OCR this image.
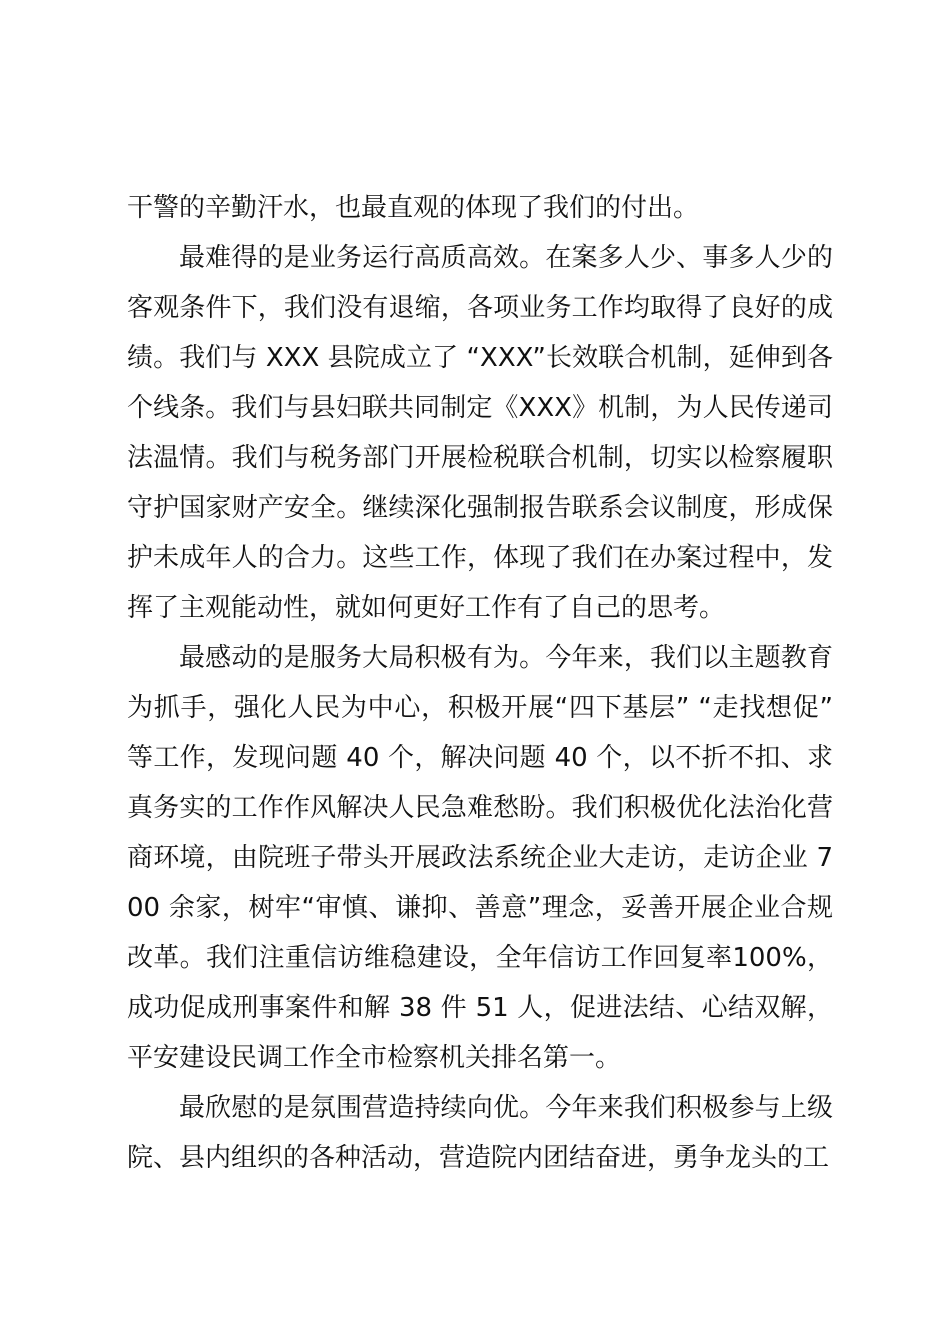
干警的辛勤汗水，也最直观的体现了我们的付出。

最难得的是业务运行高质高效。在案多人少、事多人少的客观条件下，我们没有退缩，各项业务工作均取得了良好的成绩。我们与 XXX 县院成立了 “XXX”长效联合机制，延伸到各个线条。我们与县妇联共同制定《XXX》机制，为人民传递司法温情。我们与税务部门开展检税联合机制，切实以检察履职守护国家财产安全。继续深化强制报告联系会议制度，形成保护未成年人的合力。这些工作，体现了我们在办案过程中，发挥了主观能动性，就如何更好工作有了自己的思考。

最感动的是服务大局积极有为。今年来，我们以主题教育为抓手，强化人民为中心，积极开展“四下基层” “走找想促”等工作，发现问题 40 个，解决问题 40 个，以不折不扣、求真务实的工作作风解决人民急难愁盼。我们积极优化法治化营商环境，由院班子带头开展政法系统企业大走访，走访企业 700 余家，树牢“审慎、谦抑、善意”理念，妥善开展企业合规改革。我们注重信访维稳建设，全年信访工作回复率100%，成功促成刑事案件和解 38 件 51 人，促进法结、心结双解，平安建设民调工作全市检察机关排名第一。

最欣慰的是氛围营造持续向优。今年来我们积极参与上级院、县内组织的各种活动，营造院内团结奋进，勇争龙头的工
